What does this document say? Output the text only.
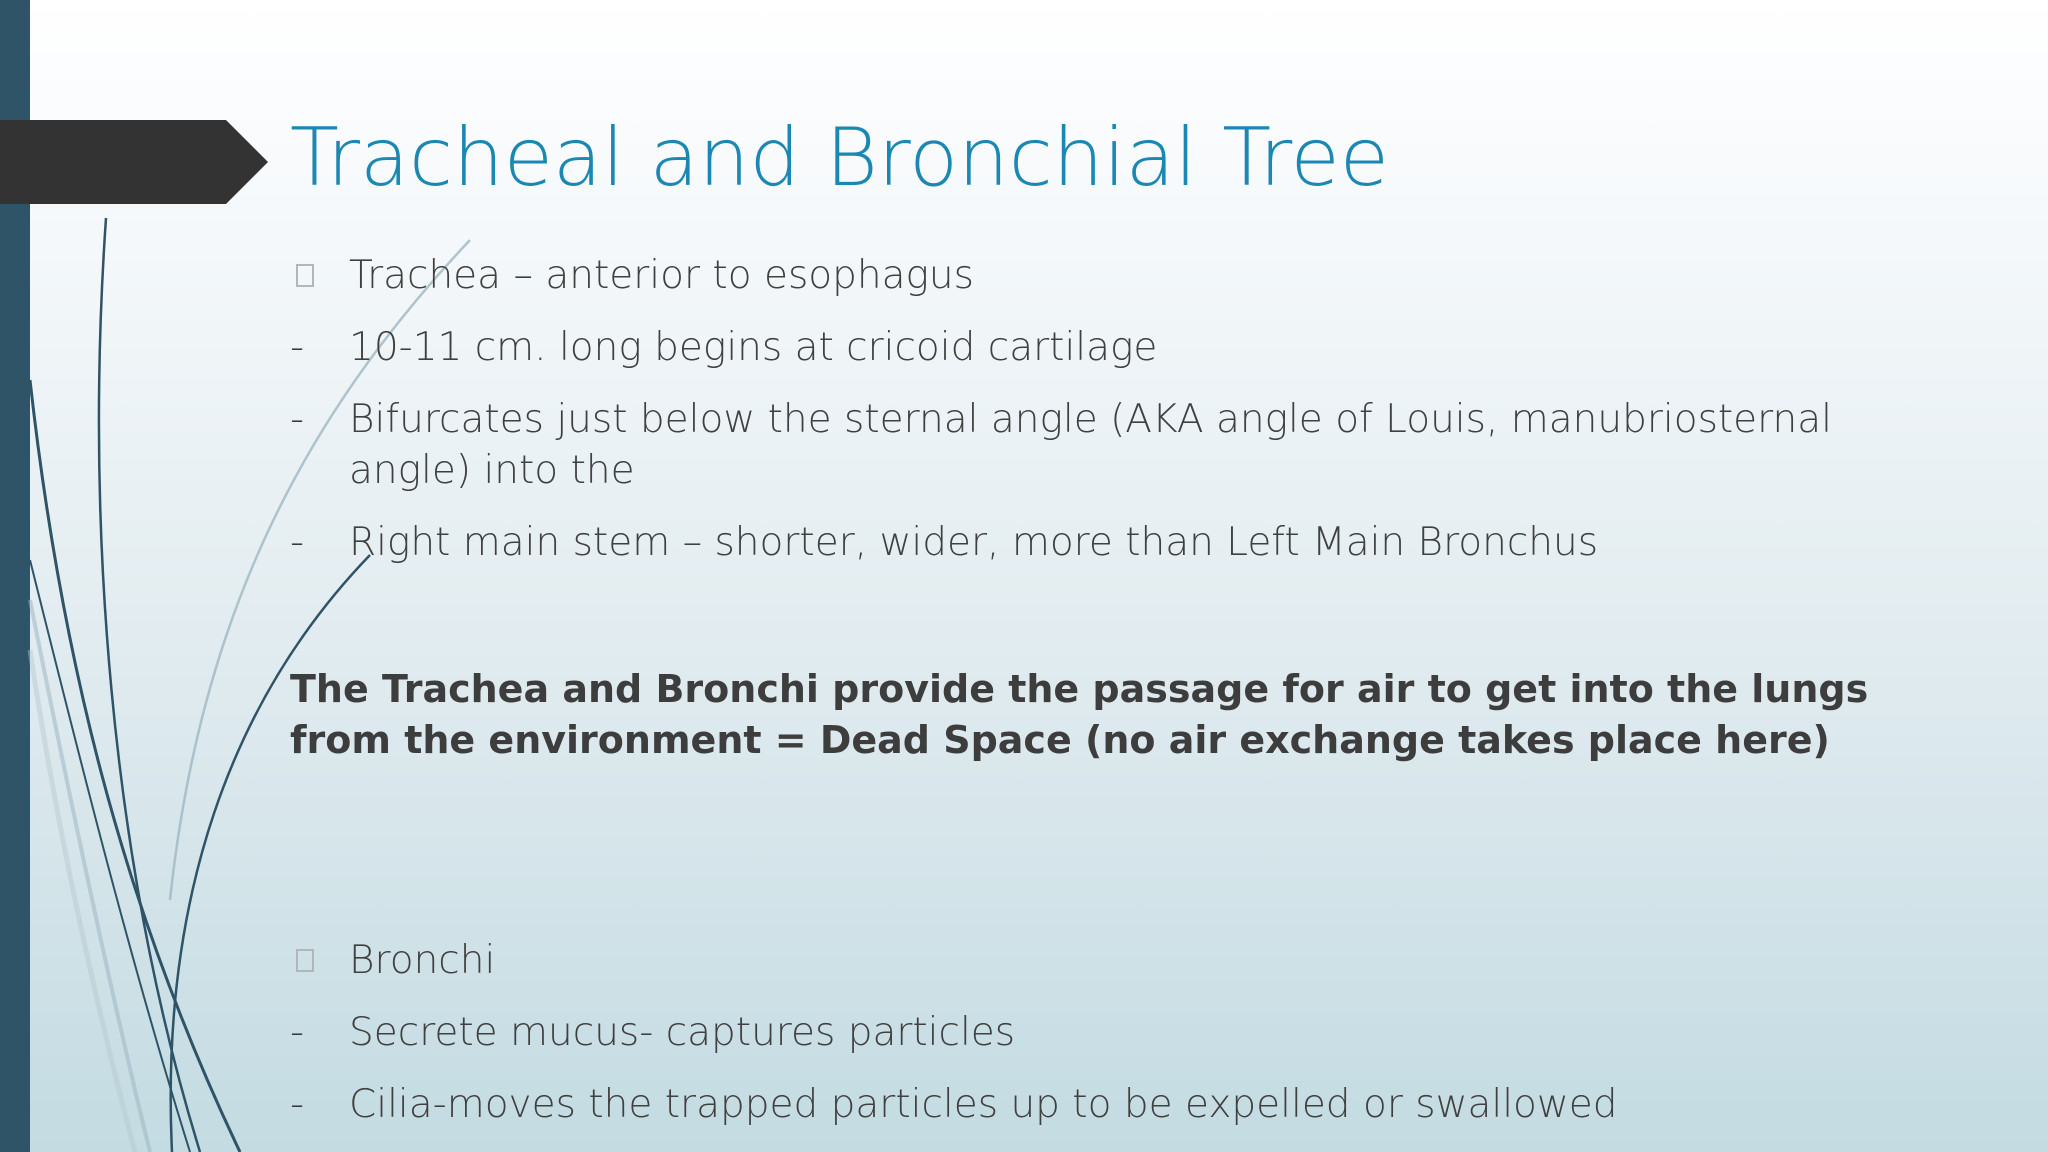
Tracheal and Bronchial Tree
Trachea – anterior to esophagus
-	10-11 cm. long begins at cricoid cartilage
-	Bifurcates just below the sternal angle (AKA angle of Louis, manubriosternal angle) into the
-	Right main stem – shorter, wider, more than Left Main Bronchus

The Trachea and Bronchi provide the passage for air to get into the lungs from the environment = Dead Space (no air exchange takes place here)

Bronchi
-	Secrete mucus- captures particles
-	Cilia-moves the trapped particles up to be expelled or swallowed
